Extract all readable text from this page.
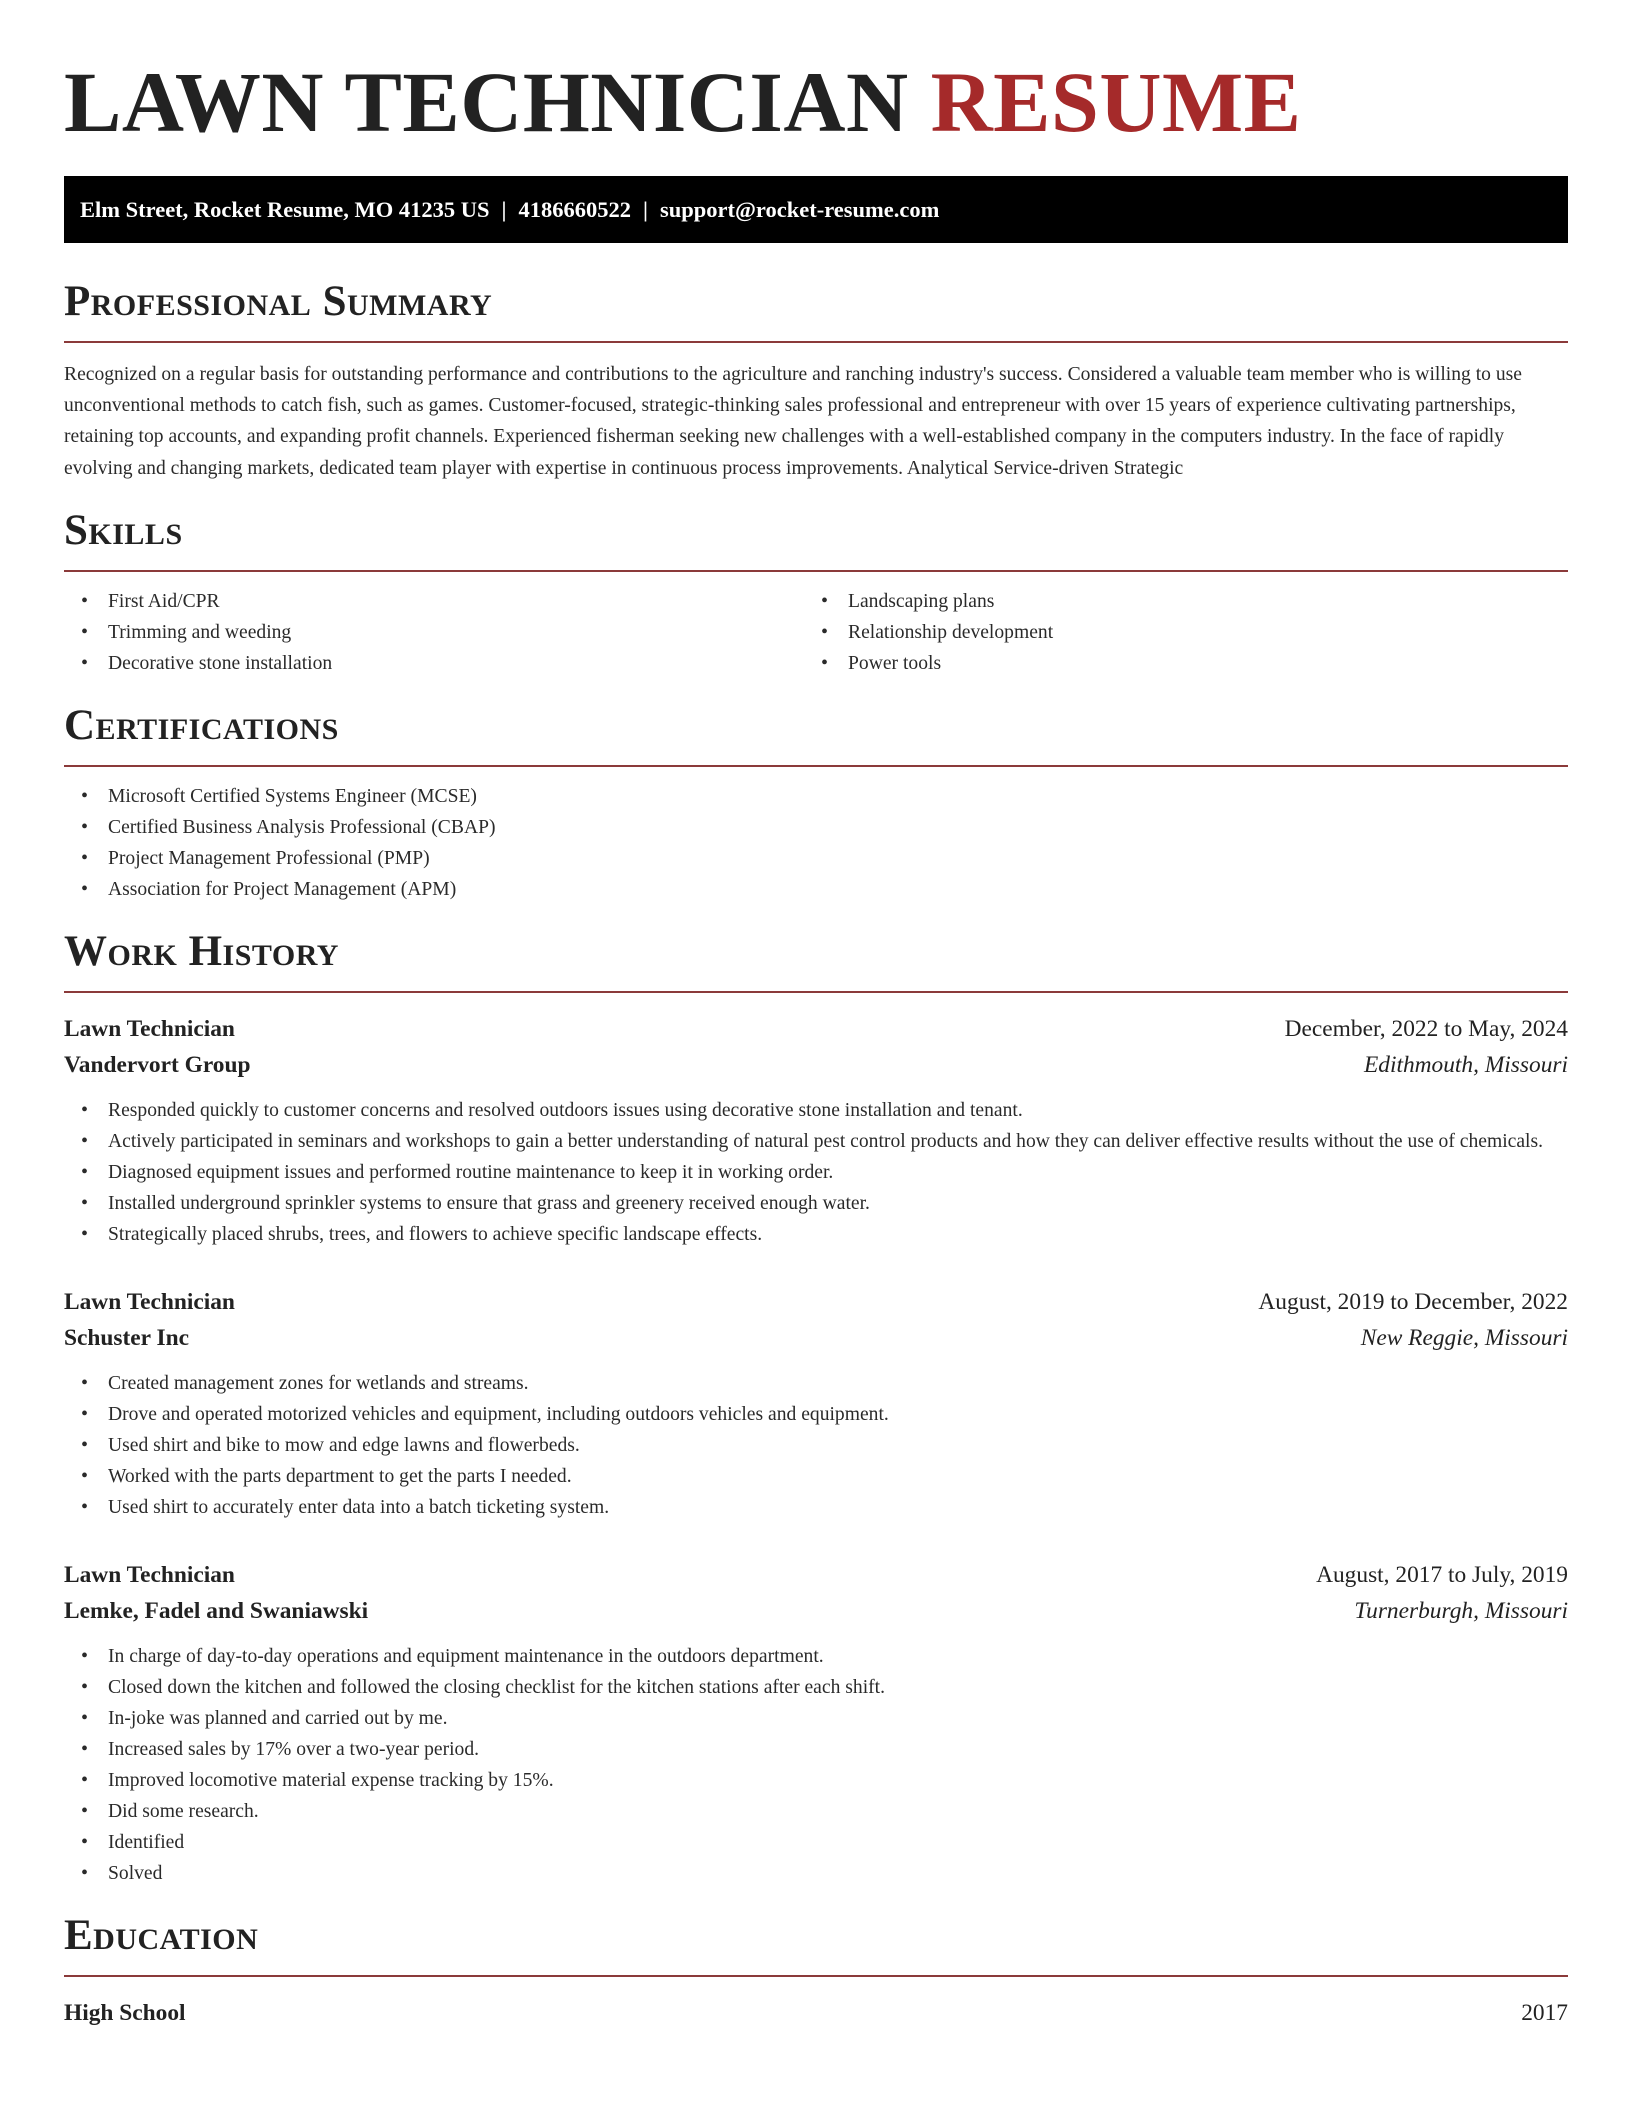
LAWN TECHNICIAN RESUME
Elm Street, Rocket Resume, MO 41235 US | 4186660522 | support@rocket-resume.com
Professional Summary

Recognized on a regular basis for outstanding performance and contributions to the agriculture and ranching industry's success. Considered a valuable team member who is willing to use unconventional methods to catch fish, such as games. Customer-focused, strategic-thinking sales professional and entrepreneur with over 15 years of experience cultivating partnerships, retaining top accounts, and expanding profit channels. Experienced fisherman seeking new challenges with a well-established company in the computers industry. In the face of rapidly evolving and changing markets, dedicated team player with expertise in continuous process improvements. Analytical Service-driven Strategic

Skills
• First Aid/CPR
• Trimming and weeding
• Decorative stone installation
• Landscaping plans
• Relationship development
• Power tools
Certifications
• Microsoft Certified Systems Engineer (MCSE)
• Certified Business Analysis Professional (CBAP)
• Project Management Professional (PMP)
• Association for Project Management (APM)
Work History
Lawn Technician	December, 2022 to May, 2024
Vandervort Group	Edithmouth, Missouri
• Responded quickly to customer concerns and resolved outdoors issues using decorative stone installation and tenant.
• Actively participated in seminars and workshops to gain a better understanding of natural pest control products and how they can deliver effective results without the use of chemicals.
• Diagnosed equipment issues and performed routine maintenance to keep it in working order.
• Installed underground sprinkler systems to ensure that grass and greenery received enough water.
• Strategically placed shrubs, trees, and flowers to achieve specific landscape effects.
Lawn Technician	August, 2019 to December, 2022
Schuster Inc	New Reggie, Missouri
• Created management zones for wetlands and streams.
• Drove and operated motorized vehicles and equipment, including outdoors vehicles and equipment.
• Used shirt and bike to mow and edge lawns and flowerbeds.
• Worked with the parts department to get the parts I needed.
• Used shirt to accurately enter data into a batch ticketing system.
Lawn Technician	August, 2017 to July, 2019
Lemke, Fadel and Swaniawski	Turnerburgh, Missouri
• In charge of day-to-day operations and equipment maintenance in the outdoors department.
• Closed down the kitchen and followed the closing checklist for the kitchen stations after each shift.
• In-joke was planned and carried out by me.
• Increased sales by 17% over a two-year period.
• Improved locomotive material expense tracking by 15%.
• Did some research.
• Identified
• Solved
Education
High School	2017
